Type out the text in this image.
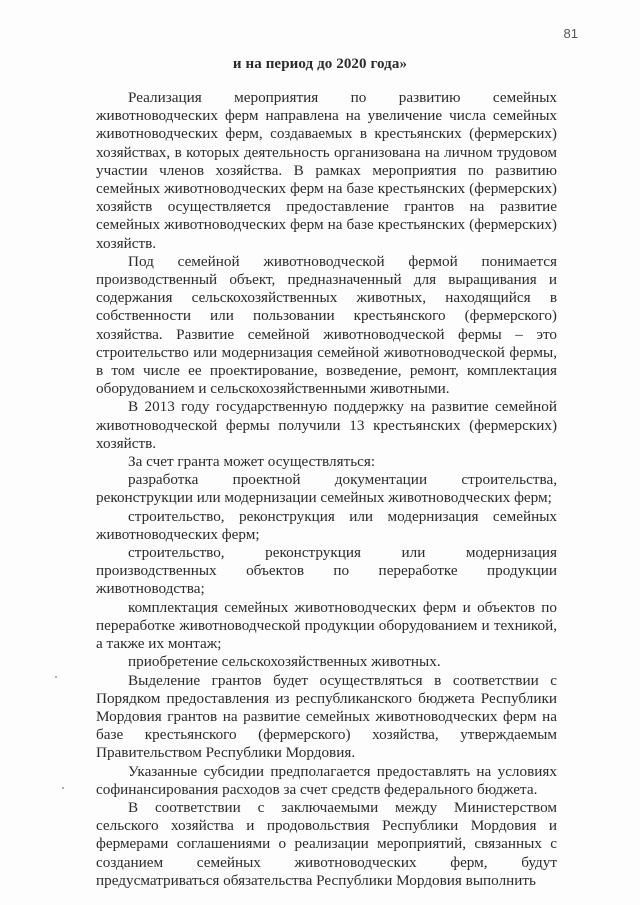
81
и на период до 2020 года»

Реализация мероприятия по развитию семейных животноводческих ферм направлена на увеличение числа семейных животноводческих ферм, создаваемых в крестьянских (фермерских) хозяйствах, в которых деятельность организована на личном трудовом участии членов хозяйства. В рамках мероприятия по развитию семейных животноводческих ферм на базе крестьянских (фермерских) хозяйств осуществляется предоставление грантов на развитие семейных животноводческих ферм на базе крестьянских (фермерских) хозяйств.

Под семейной животноводческой фермой понимается производственный объект, предназначенный для выращивания и содержания сельскохозяйственных животных, находящийся в собственности или пользовании крестьянского (фермерского) хозяйства. Развитие семейной животноводческой фермы – это строительство или модернизация семейной животноводческой фермы, в том числе ее проектирование, возведение, ремонт, комплектация оборудованием и сельскохозяйственными животными.

В 2013 году государственную поддержку на развитие семейной животноводческой фермы получили 13 крестьянских (фермерских) хозяйств.

За счет гранта может осуществляться:

разработка проектной документации строительства, реконструкции или модернизации семейных животноводческих ферм;

строительство, реконструкция или модернизация семейных животноводческих ферм;

строительство, реконструкция или модернизация производственных объектов по переработке продукции животноводства;

комплектация семейных животноводческих ферм и объектов по переработке животноводческой продукции оборудованием и техникой, а также их монтаж;

приобретение сельскохозяйственных животных.

Выделение грантов будет осуществляться в соответствии с Порядком предоставления из республиканского бюджета Республики Мордовия грантов на развитие семейных животноводческих ферм на базе крестьянского (фермерского) хозяйства, утверждаемым Правительством Республики Мордовия.

Указанные субсидии предполагается предоставлять на условиях софинансирования расходов за счет средств федерального бюджета.

В соответствии с заключаемыми между Министерством сельского хозяйства и продовольствия Республики Мордовия и фермерами соглашениями о реализации мероприятий, связанных с созданием семейных животноводческих ферм, будут предусматриваться обязательства Республики Мордовия выполнить
